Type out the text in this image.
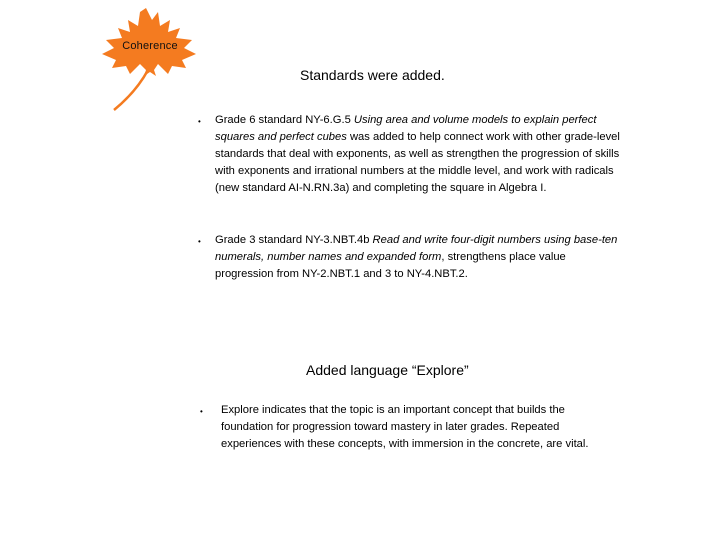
Coherence
Standards were added.
• Grade 6 standard NY-6.G.5 Using area and volume models to explain perfect squares and perfect cubes was added to help connect work with other grade-level standards that deal with exponents, as well as strengthen the progression of skills with exponents and irrational numbers at the middle level, and work with radicals (new standard AI-N.RN.3a) and completing the square in Algebra I.

• Grade 3 standard NY-3.NBT.4b Read and write four-digit numbers using base-ten numerals, number names and expanded form, strengthens place value progression from NY-2.NBT.1 and 3 to NY-4.NBT.2.

Added language “Explore”
• Explore indicates that the topic is an important concept that builds the foundation for progression toward mastery in later grades. Repeated experiences with these concepts, with immersion in the concrete, are vital.
